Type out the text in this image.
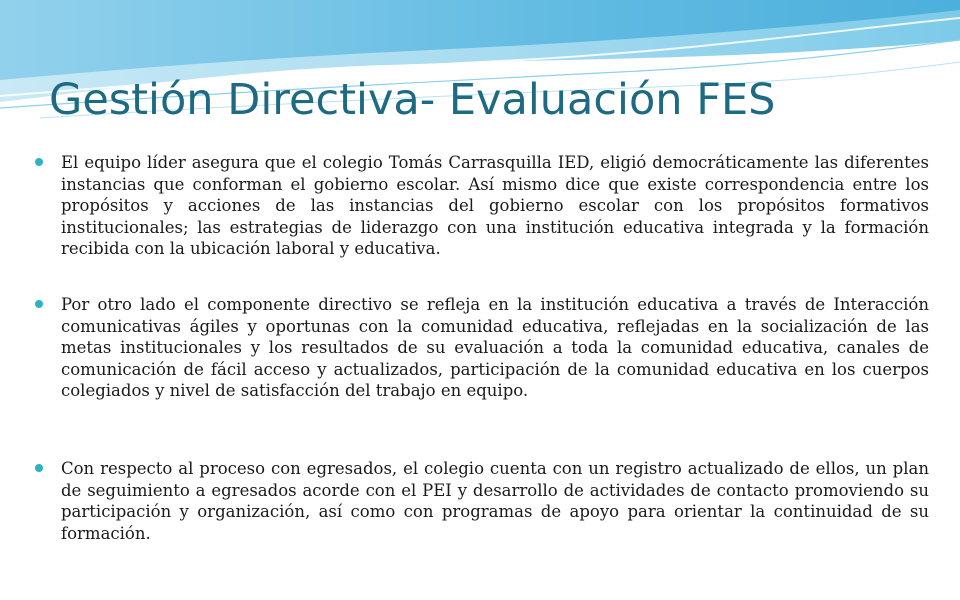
Gestión Directiva- Evaluación FES
El equipo líder asegura que el colegio Tomás Carrasquilla IED, eligió democráticamente las diferentes instancias que conforman el gobierno escolar. Así mismo dice que existe correspondencia entre los propósitos y acciones de las instancias del gobierno escolar con los propósitos formativos institucionales; las estrategias de liderazgo con una institución educativa integrada y la formación recibida con la ubicación laboral y educativa.
Por otro lado el componente directivo se refleja en la institución educativa a través de Interacción comunicativas ágiles y oportunas con la comunidad educativa, reflejadas en la socialización de las metas institucionales y los resultados de su evaluación a toda la comunidad educativa, canales de comunicación de fácil acceso y actualizados, participación de la comunidad educativa en los cuerpos colegiados y nivel de satisfacción del trabajo en equipo.
Con respecto al proceso con egresados, el colegio cuenta con un registro actualizado de ellos, un plan de seguimiento a egresados acorde con el PEI y desarrollo de actividades de contacto promoviendo su participación y organización, así como con programas de apoyo para orientar la continuidad de su formación.
